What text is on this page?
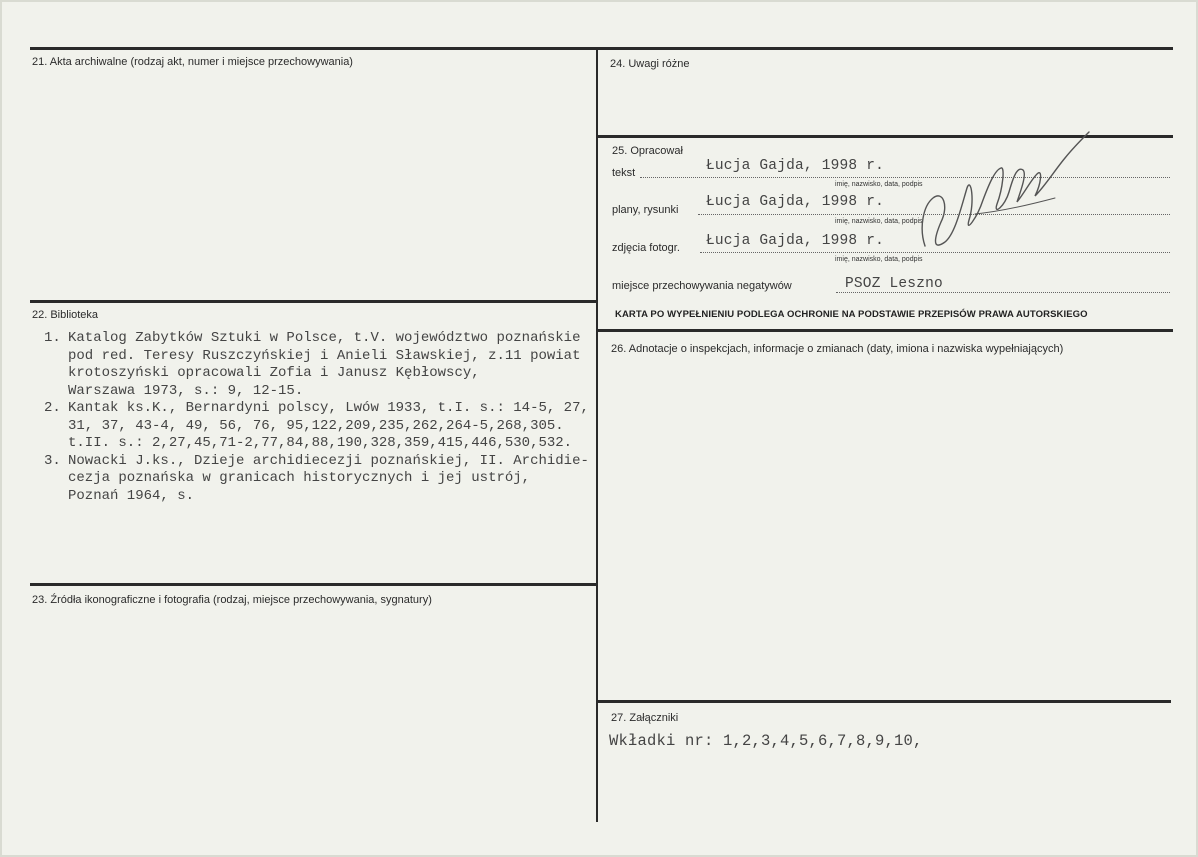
21. Akta archiwalne (rodzaj akt, numer i miejsce przechowywania)
22. Biblioteka
1. Katalog Zabytków Sztuki w Polsce, t.V. województwo poznańskie
pod red. Teresy Ruszczyńskiej i Anieli Sławskiej, z.11 powiat
krotoszyński opracowali Zofia i Janusz Kębłowscy,
Warszawa 1973, s.: 9, 12-15.
2. Kantak ks.K., Bernardyni polscy, Lwów 1933, t.I. s.: 14-5, 27,
31, 37, 43-4, 49, 56, 76, 95,122,209,235,262,264-5,268,305.
t.II. s.: 2,27,45,71-2,77,84,88,190,328,359,415,446,530,532.
3. Nowacki J.ks., Dzieje archidiecezji poznańskiej, II. Archidie-
cezja poznańska w granicach historycznych i jej ustrój,
Poznań 1964, s.
23. Źródła ikonograficzne i fotografia (rodzaj, miejsce przechowywania, sygnatury)
24. Uwagi różne
25. Opracował
tekst	Łucja Gajda, 1998 r.
imię, nazwisko, data, podpis
plany, rysunki Łucja Gajda, 1998 r.
imię, nazwisko, data, podpis
zdjęcia fotogr. Łucja Gajda, 1998 r.
imię, nazwisko, data, podpis
miejsce przechowywania negatywów	PSOZ Leszno
KARTA PO WYPEŁNIENIU PODLEGA OCHRONIE NA PODSTAWIE PRZEPISÓW PRAWA AUTORSKIEGO
26. Adnotacje o inspekcjach, informacje o zmianach (daty, imiona i nazwiska wypełniających)
27. Załączniki
Wkładki nr: 1,2,3,4,5,6,7,8,9,10,
